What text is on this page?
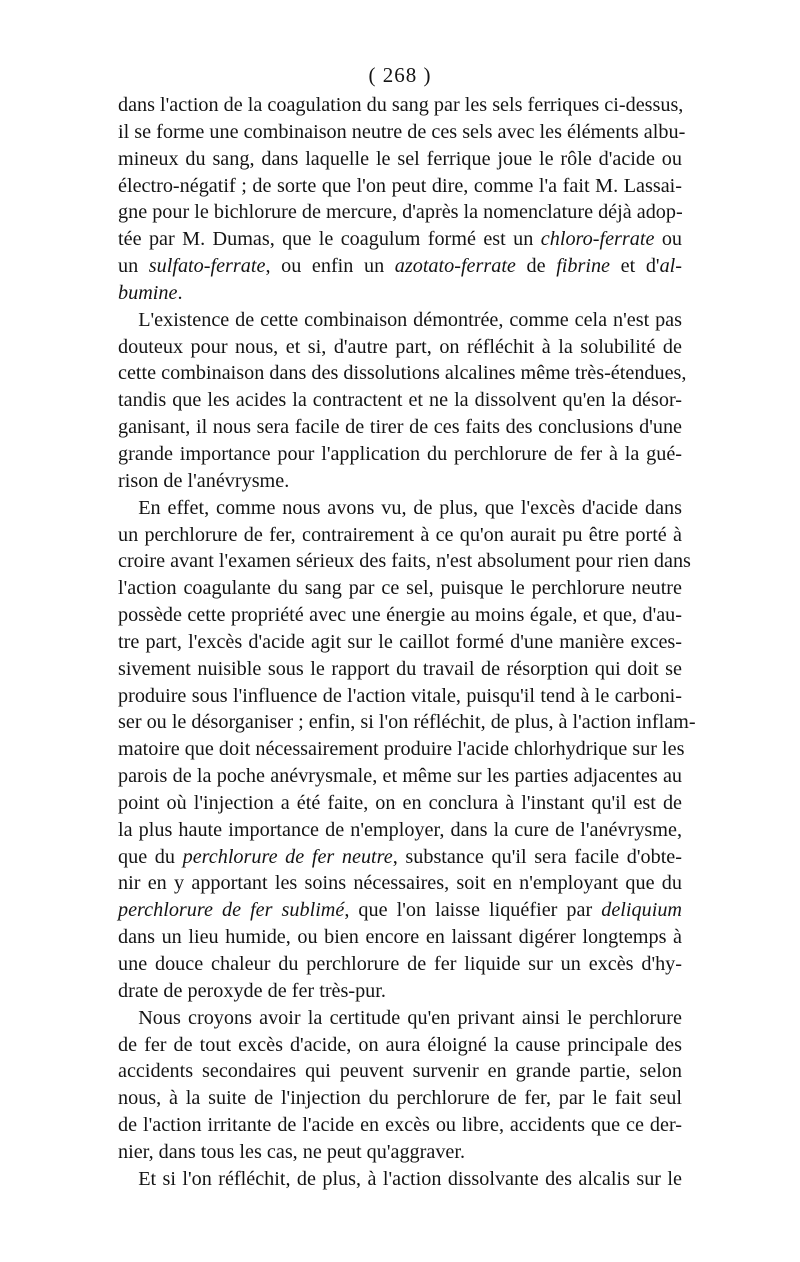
( 268 )
dans l'action de la coagulation du sang par les sels ferriques ci-dessus,
il se forme une combinaison neutre de ces sels avec les éléments albu-
mineux du sang, dans laquelle le sel ferrique joue le rôle d'acide ou
électro-négatif ; de sorte que l'on peut dire, comme l'a fait M. Lassai-
gne pour le bichlorure de mercure, d'après la nomenclature déjà adop-
tée par M. Dumas, que le coagulum formé est un chloro-ferrate ou
un sulfato-ferrate, ou enfin un azotato-ferrate de fibrine et d'al-
bumine.
 L'existence de cette combinaison démontrée, comme cela n'est pas
douteux pour nous, et si, d'autre part, on réfléchit à la solubilité de
cette combinaison dans des dissolutions alcalines même très-étendues,
tandis que les acides la contractent et ne la dissolvent qu'en la désor-
ganisant, il nous sera facile de tirer de ces faits des conclusions d'une
grande importance pour l'application du perchlorure de fer à la gué-
rison de l'anévrysme.
 En effet, comme nous avons vu, de plus, que l'excès d'acide dans
un perchlorure de fer, contrairement à ce qu'on aurait pu être porté à
croire avant l'examen sérieux des faits, n'est absolument pour rien dans
l'action coagulante du sang par ce sel, puisque le perchlorure neutre
possède cette propriété avec une énergie au moins égale, et que, d'au-
tre part, l'excès d'acide agit sur le caillot formé d'une manière exces-
sivement nuisible sous le rapport du travail de résorption qui doit se
produire sous l'influence de l'action vitale, puisqu'il tend à le carboni-
ser ou le désorganiser ; enfin, si l'on réfléchit, de plus, à l'action inflam-
matoire que doit nécessairement produire l'acide chlorhydrique sur les
parois de la poche anévrysmale, et même sur les parties adjacentes au
point où l'injection a été faite, on en conclura à l'instant qu'il est de
la plus haute importance de n'employer, dans la cure de l'anévrysme,
que du perchlorure de fer neutre, substance qu'il sera facile d'obte-
nir en y apportant les soins nécessaires, soit en n'employant que du
perchlorure de fer sublimé, que l'on laisse liquéfier par deliquium
dans un lieu humide, ou bien encore en laissant digérer longtemps à
une douce chaleur du perchlorure de fer liquide sur un excès d'hy-
drate de peroxyde de fer très-pur.
 Nous croyons avoir la certitude qu'en privant ainsi le perchlorure
de fer de tout excès d'acide, on aura éloigné la cause principale des
accidents secondaires qui peuvent survenir en grande partie, selon
nous, à la suite de l'injection du perchlorure de fer, par le fait seul
de l'action irritante de l'acide en excès ou libre, accidents que ce der-
nier, dans tous les cas, ne peut qu'aggraver.
 Et si l'on réfléchit, de plus, à l'action dissolvante des alcalis sur le
